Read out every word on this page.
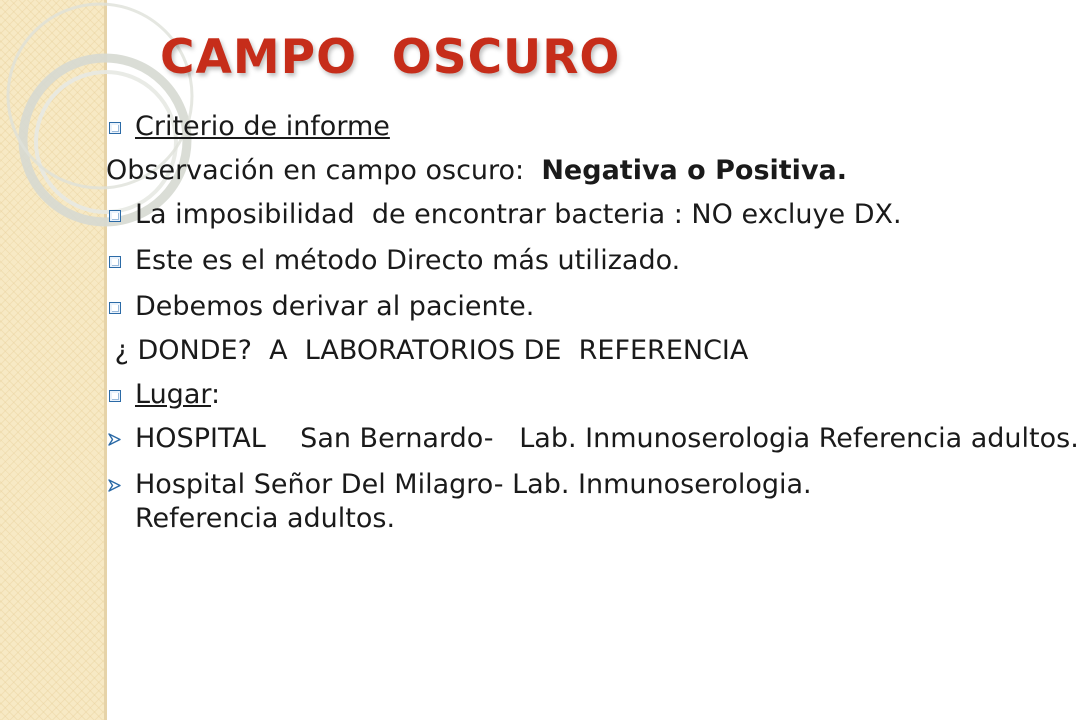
CAMPO  OSCURO

Criterio de informe

Observación en campo oscuro:  Negativa o Positiva.

La imposibilidad  de encontrar bacteria : NO excluye DX.

Este es el método Directo más utilizado.

Debemos derivar al paciente.

¿ DONDE?  A  LABORATORIOS DE  REFERENCIA

Lugar:

HOSPITAL    San Bernardo-   Lab. Inmunoserologia Referencia adultos.

Hospital Señor Del Milagro- Lab. Inmunoserologia. Referencia adultos.
